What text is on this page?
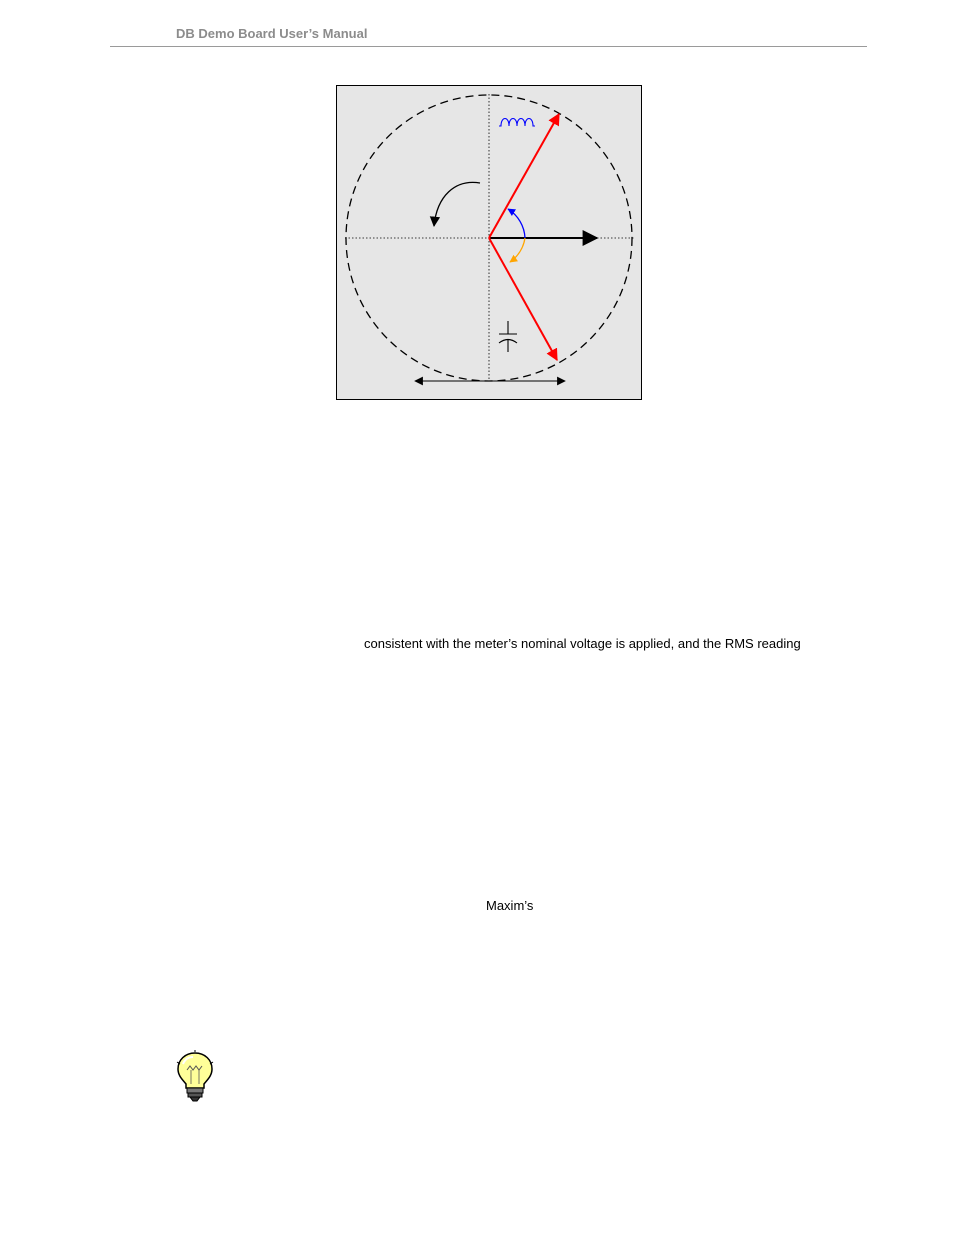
DB Demo Board User’s Manual
consistent with the meter’s nominal voltage is applied, and the RMS reading
Maxim’s
